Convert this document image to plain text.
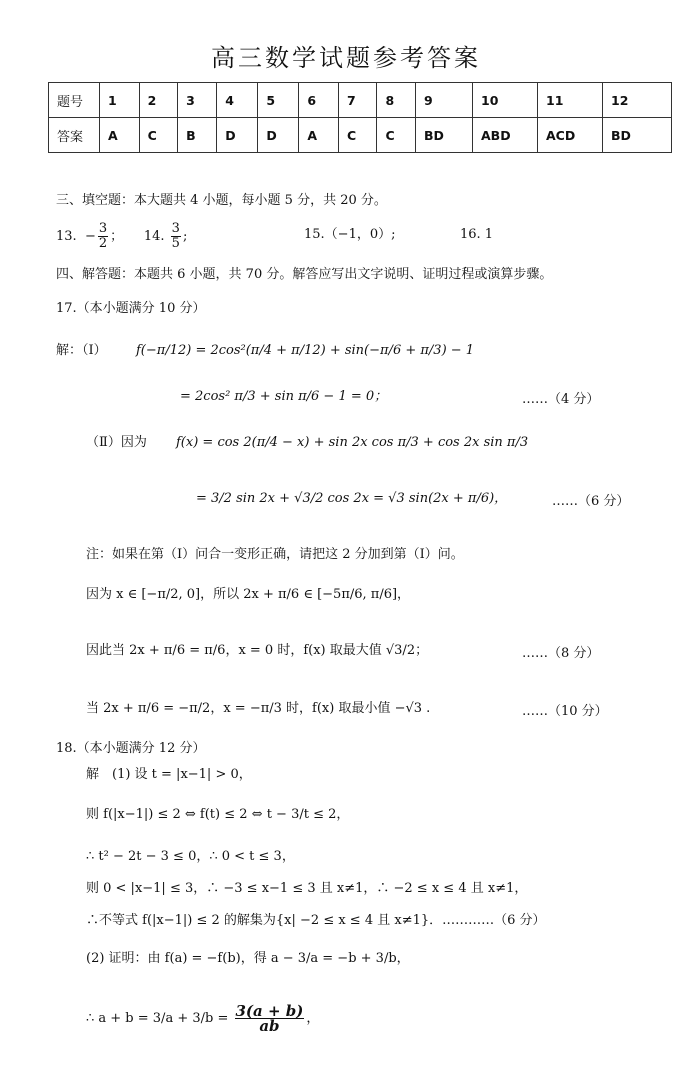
高三数学试题参考答案
题号	1	2	3	4	5	6	7	8	9	10	11	12
答案	A	C	B	D	D	A	C	C	BD	ABD	ACD	BD
三、填空题：本大题共 4 小题，每小题 5 分，共 20 分。
13. − $\frac{3}{2}$ ； 14. $\frac{3}{5}$ ;	15.（−1，0）;	16. 1
四、解答题：本题共 6 小题，共 70 分。解答应写出文字说明、证明过程或演算步骤。
17.（本小题满分 10 分）
解：（Ⅰ） f(−π/12) = 2cos²(π/4 + π/12) + sin(−π/6 + π/3) − 1
= 2cos² π/3 + sin π/6 − 1 = 0；	……（4 分）
（Ⅱ）因为 f(x) = cos 2(π/4 − x) + sin 2x cos π/3 + cos 2x sin π/3
= 3/2 sin 2x + √3/2 cos 2x = √3 sin(2x + π/6)，	……（6 分）
注：如果在第（Ⅰ）问合一变形正确，请把这 2 分加到第（Ⅰ）问。
因为 x ∈ [−π/2, 0]，所以 2x + π/6 ∈ [−5π/6, π/6]，
因此当 2x + π/6 = π/6，x = 0 时，f(x) 取最大值 √3/2；	……（8 分）
当 2x + π/6 = −π/2，x = −π/3 时，f(x) 取最小值 −√3 .	……（10 分）
18.（本小题满分 12 分）
解　(1) 设 t = |x−1| > 0，
则 f(|x−1|) ≤ 2 ⇔ f(t) ≤ 2 ⇔ t − 3/t ≤ 2，
∴ t² − 2t − 3 ≤ 0，∴ 0 < t ≤ 3，
则 0 < |x−1| ≤ 3，∴ −3 ≤ x−1 ≤ 3 且 x≠1，∴ −2 ≤ x ≤ 4 且 x≠1，
∴不等式 f(|x−1|) ≤ 2 的解集为{x| −2 ≤ x ≤ 4 且 x≠1}．…………（6 分）
(2) 证明：由 f(a) = −f(b)，得 a − 3/a = −b + 3/b，
∴ $a + b = 3/a + 3/b = \frac{3(a + b)}{ab}$ ，
